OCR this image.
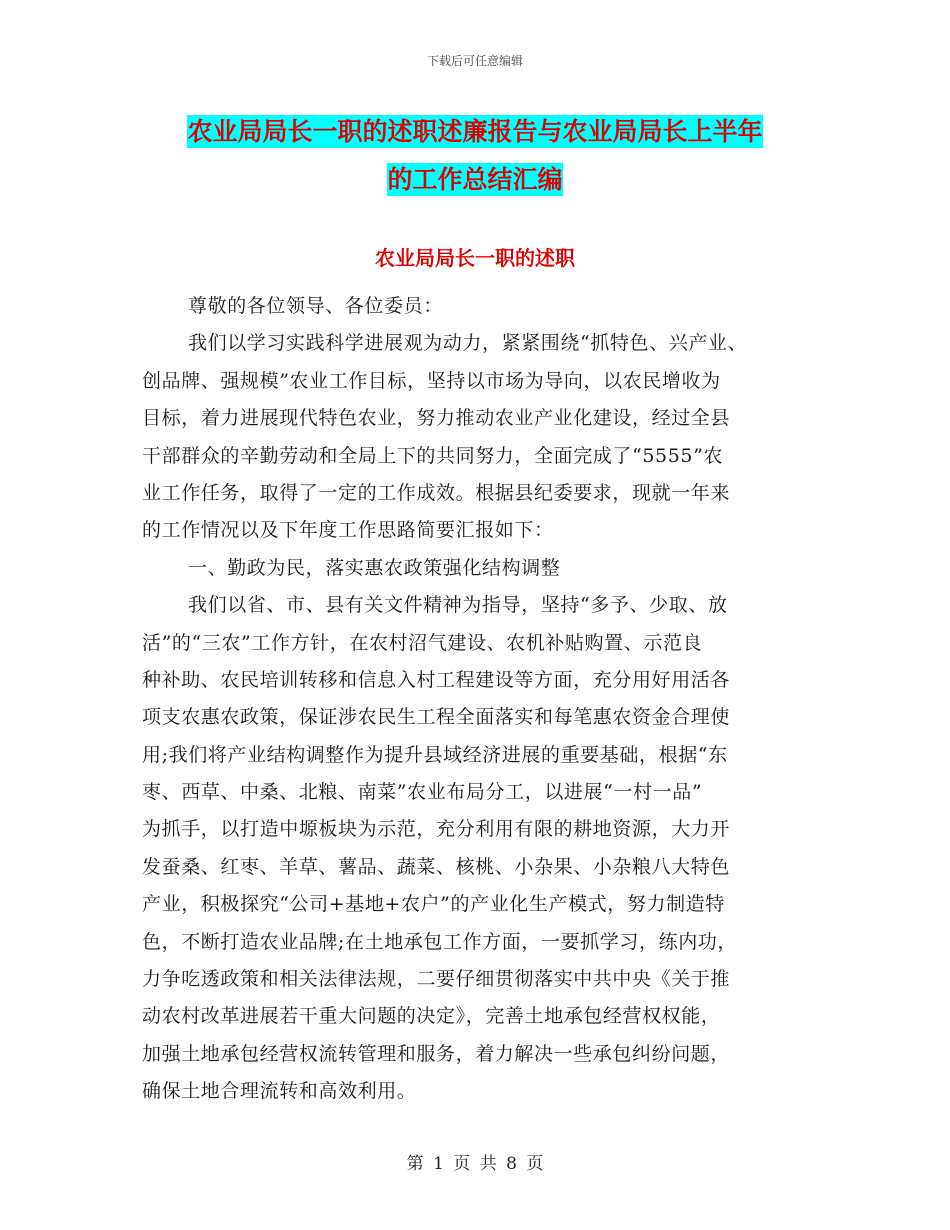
下载后可任意编辑
农业局局长一职的述职述廉报告与农业局局长上半年
的工作总结汇编
农业局局长一职的述职
尊敬的各位领导、各位委员：
我们以学习实践科学进展观为动力，紧紧围绕“抓特色、兴产业、
创品牌、强规模”农业工作目标，坚持以市场为导向，以农民增收为
目标，着力进展现代特色农业，努力推动农业产业化建设，经过全县
干部群众的辛勤劳动和全局上下的共同努力，全面完成了“5555”农
业工作任务，取得了一定的工作成效。根据县纪委要求，现就一年来
的工作情况以及下年度工作思路简要汇报如下：
一、勤政为民，落实惠农政策强化结构调整
我们以省、市、县有关文件精神为指导，坚持“多予、少取、放
活”的“三农”工作方针，在农村沼气建设、农机补贴购置、示范良
种补助、农民培训转移和信息入村工程建设等方面，充分用好用活各
项支农惠农政策，保证涉农民生工程全面落实和每笔惠农资金合理使
用;我们将产业结构调整作为提升县域经济进展的重要基础，根据“东
枣、西草、中桑、北粮、南菜”农业布局分工，以进展“一村一品”
为抓手，以打造中塬板块为示范，充分利用有限的耕地资源，大力开
发蚕桑、红枣、羊草、薯品、蔬菜、核桃、小杂果、小杂粮八大特色
产业，积极探究“公司+基地+农户”的产业化生产模式，努力制造特
色，不断打造农业品牌;在土地承包工作方面，一要抓学习，练内功，
力争吃透政策和相关法律法规，二要仔细贯彻落实中共中央《关于推
动农村改革进展若干重大问题的决定》，完善土地承包经营权权能，
加强土地承包经营权流转管理和服务，着力解决一些承包纠纷问题，
确保土地合理流转和高效利用。
第 1 页 共 8 页
